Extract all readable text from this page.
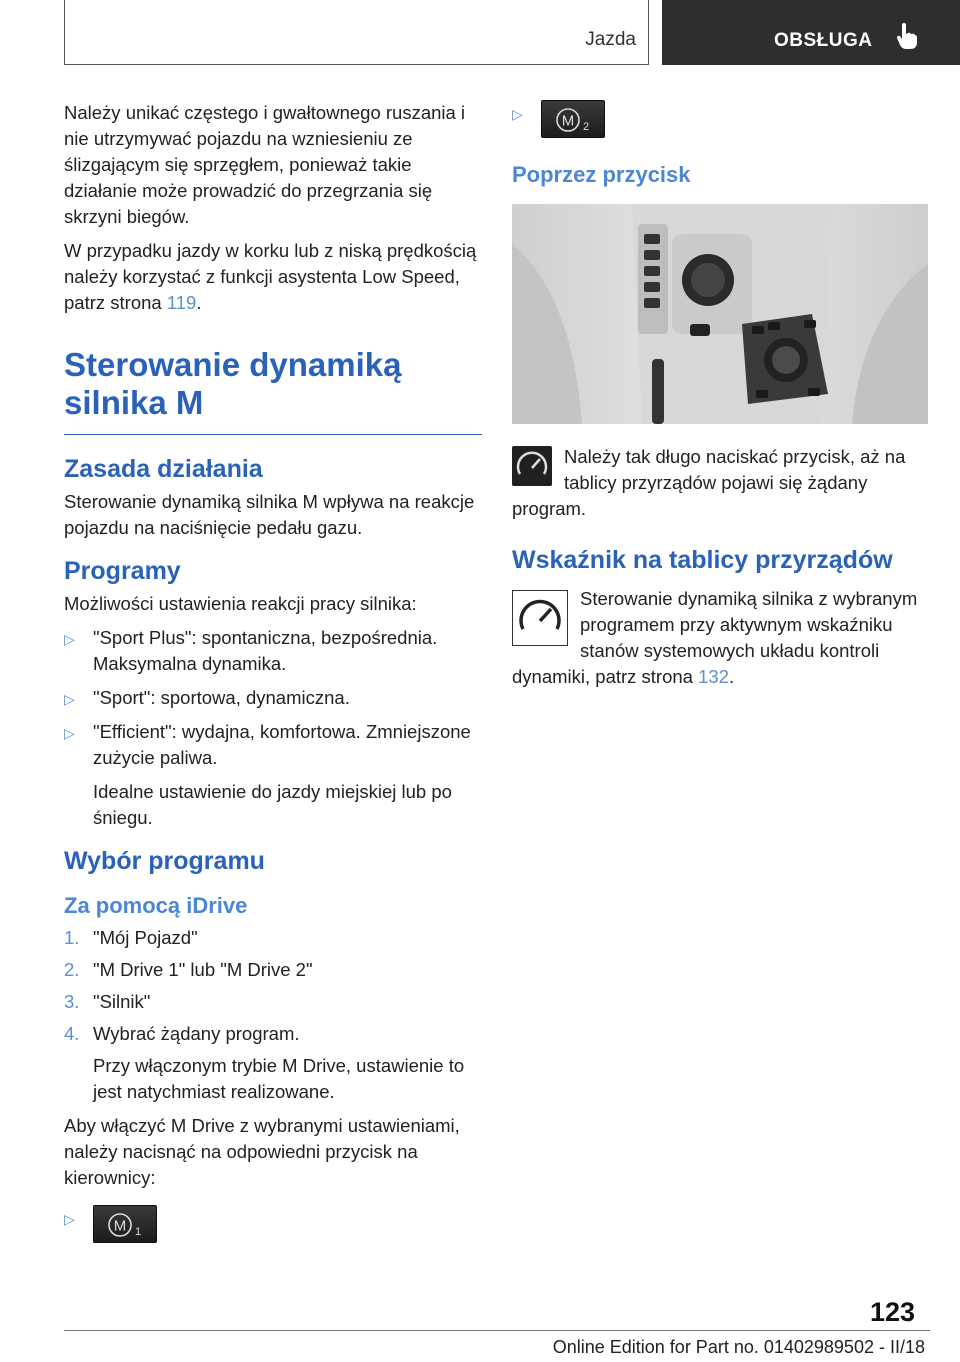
Jazda	OBSŁUGA

Należy unikać częstego i gwałtownego ruszania i nie utrzymywać pojazdu na wzniesieniu ze ślizgającym się sprzęgłem, ponieważ takie działanie może prowadzić do przegrzania się skrzyni biegów.

W przypadku jazdy w korku lub z niską prędkością należy korzystać z funkcji asystenta Low Speed, patrz strona 119.

Sterowanie dynamiką silnika M
Zasada działania

Sterowanie dynamiką silnika M wpływa na reakcje pojazdu na naciśnięcie pedału gazu.

Programy

Możliwości ustawienia reakcji pracy silnika:

▷ "Sport Plus": spontaniczna, bezpośrednia. Maksymalna dynamika.
▷ "Sport": sportowa, dynamiczna.
▷ "Efficient": wydajna, komfortowa. Zmniejszone zużycie paliwa.
Idealne ustawienie do jazdy miejskiej lub po śniegu.
Wybór programu
Za pomocą iDrive
1. "Mój Pojazd"
2. "M Drive 1" lub "M Drive 2"
3. "Silnik"
4. Wybrać żądany program.
Przy włączonym trybie M Drive, ustawienie to jest natychmiast realizowane.

Aby włączyć M Drive z wybranymi ustawieniami, należy nacisnąć na odpowiedni przycisk na kierownicy:

▷	M 1
▷	M 2
Poprzez przycisk
Należy tak długo naciskać przycisk, aż na tablicy przyrządów pojawi się żądany program.
Wskaźnik na tablicy przyrządów
Sterowanie dynamiką silnika z wybranym programem przy aktywnym wskaźniku stanów systemowych układu kontroli dynamiki, patrz strona 132.
123
Online Edition for Part no. 01402989502 - II/18
